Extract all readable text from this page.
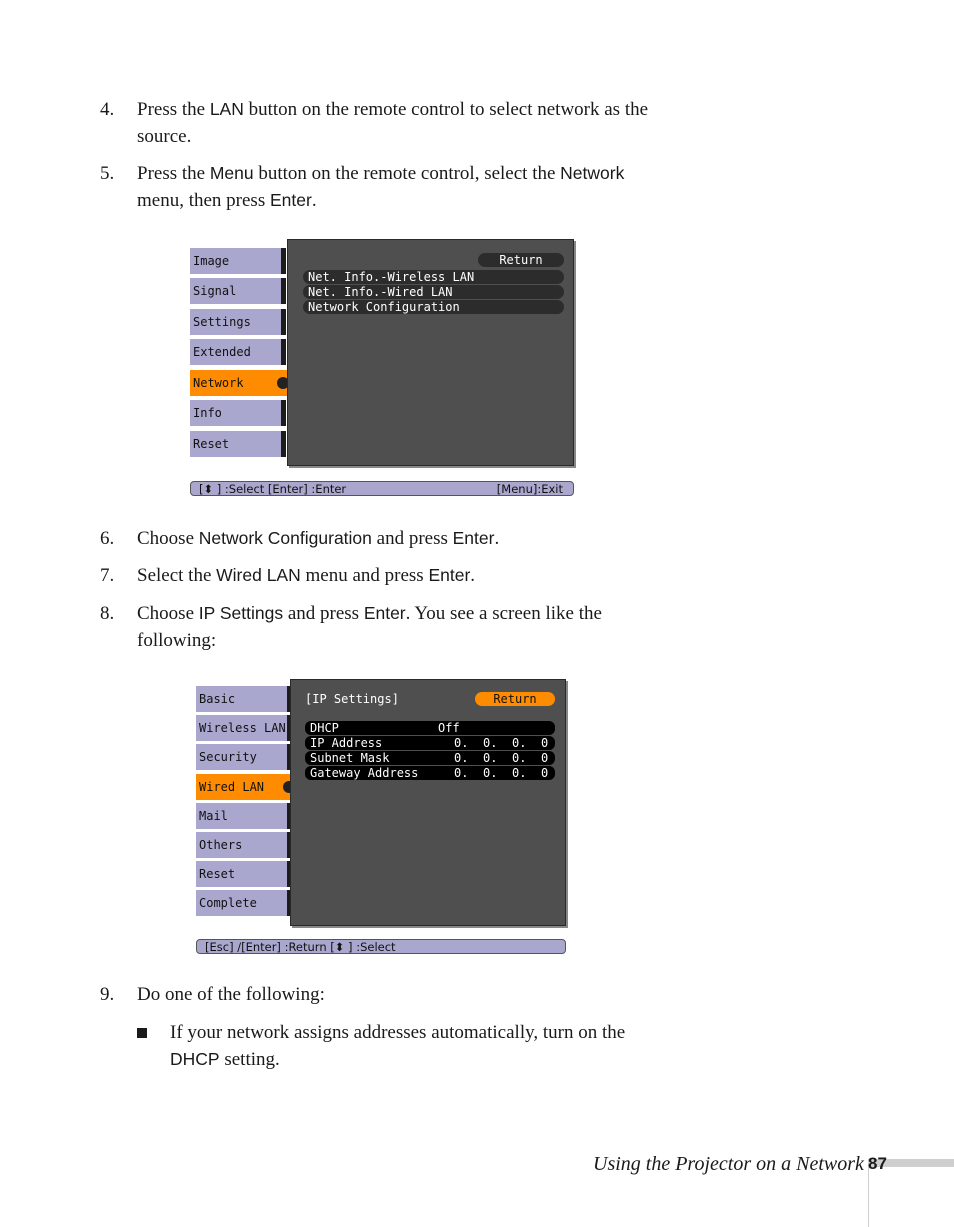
4. Press the LAN button on the remote control to select network as the source.
5. Press the Menu button on the remote control, select the Network menu, then press Enter.
Image
Signal
Settings
Extended
Network
Info
Reset
Return
Net. Info.-Wireless LAN
Net. Info.-Wired LAN
Network Configuration
[⬍ ] :Select [Enter] :Enter	[Menu]:Exit
6. Choose Network Configuration and press Enter.
7. Select the Wired LAN menu and press Enter.
8. Choose IP Settings and press Enter. You see a screen like the following:
Basic
Wireless LAN
Security
Wired LAN
Mail
Others
Reset
Complete
[IP Settings]	Return
DHCP	Off
IP Address	0. 0. 0. 0
Subnet Mask	0. 0. 0. 0
Gateway Address	0. 0. 0. 0
[Esc] /[Enter] :Return [⬍ ] :Select
9. Do one of the following:
If your network assigns addresses automatically, turn on the DHCP setting.
Using the Projector on a Network 87
